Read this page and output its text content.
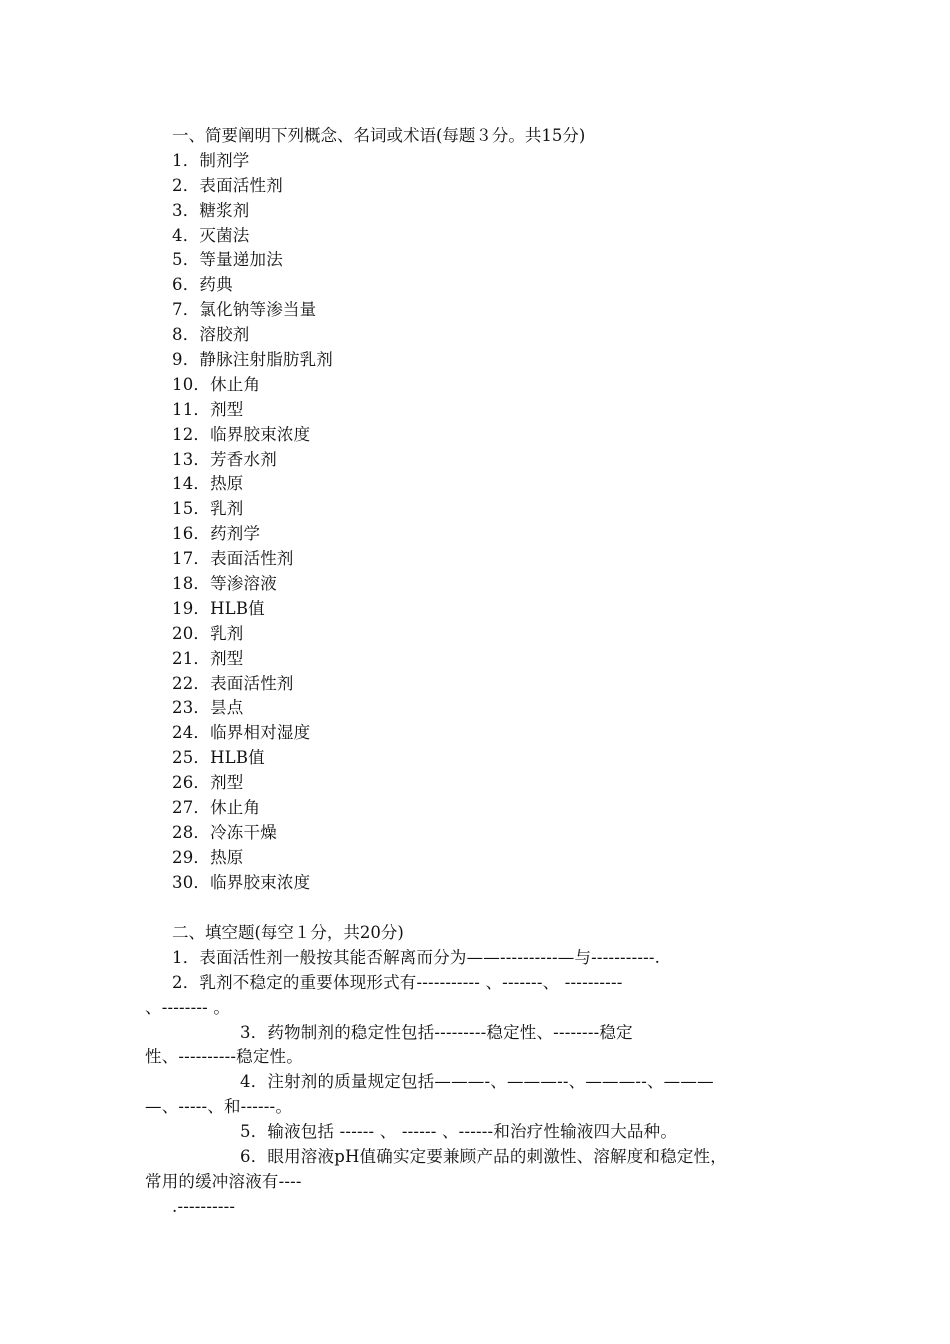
一、简要阐明下列概念、名词或术语(每题３分。共15分)
1．制剂学
2．表面活性剂
3．糖浆剂
4．灭菌法
5．等量递加法
6．药典
7．氯化钠等渗当量
8．溶胶剂
9．静脉注射脂肪乳剂
10．休止角
11．剂型
12．临界胶束浓度
13．芳香水剂
14．热原
15．乳剂
16．药剂学
17．表面活性剂
18．等渗溶液
19．HLB值
20．乳剂
21．剂型
22．表面活性剂
23．昙点
24．临界相对湿度
25．HLB值
26．剂型
27．休止角
28．冷冻干燥
29．热原
30．临界胶束浓度
二、填空题(每空１分，共20分)
1．表面活性剂一般按其能否解离而分为——----------—与-----------.
2．乳剂不稳定的重要体现形式有----------- 、-------、 ----------
、-------- 。
3．药物制剂的稳定性包括---------稳定性、--------稳定
性、----------稳定性。
4．注射剂的质量规定包括———-、———--、———--、———
—、-----、和------。
5．输液包括 ------ 、 ------ 、------和治疗性输液四大品种。
6．眼用溶液pH值确实定要兼顾产品的刺激性、溶解度和稳定性，
常用的缓冲溶液有----
.----------
